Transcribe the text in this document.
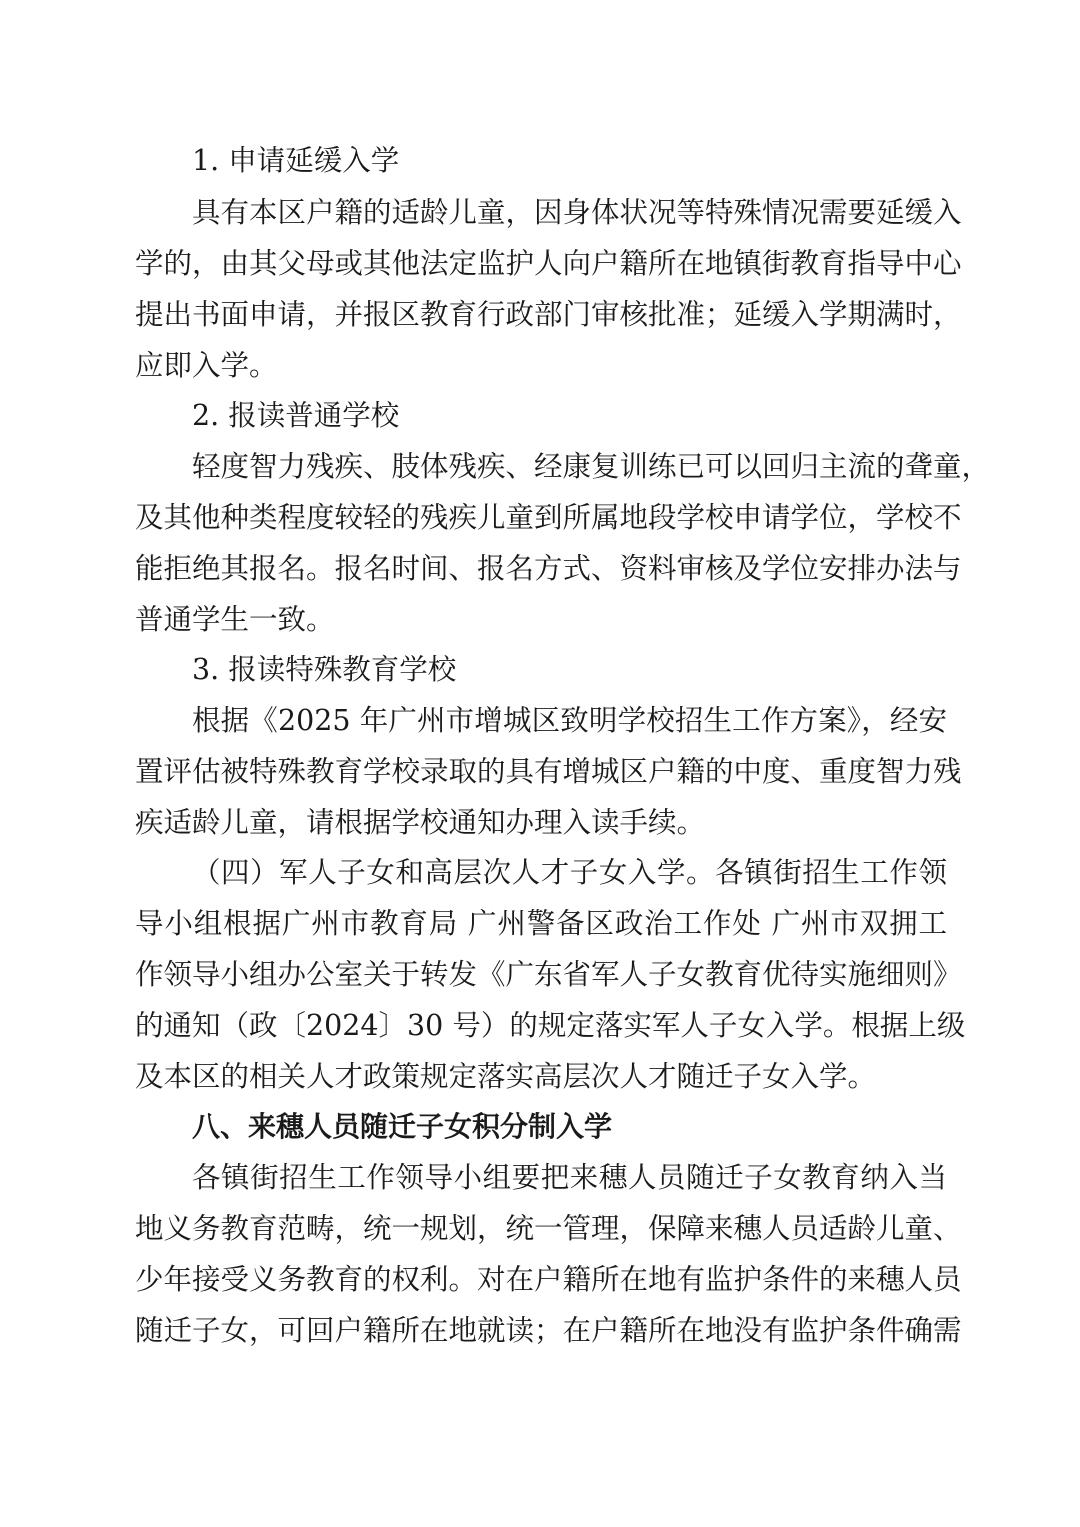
1. 申请延缓入学
具有本区户籍的适龄儿童，因身体状况等特殊情况需要延缓入
学的，由其父母或其他法定监护人向户籍所在地镇街教育指导中心
提出书面申请，并报区教育行政部门审核批准；延缓入学期满时，
应即入学。
2. 报读普通学校
轻度智力残疾、肢体残疾、经康复训练已可以回归主流的聋童，
及其他种类程度较轻的残疾儿童到所属地段学校申请学位，学校不
能拒绝其报名。报名时间、报名方式、资料审核及学位安排办法与
普通学生一致。
3. 报读特殊教育学校
根据《2025 年广州市增城区致明学校招生工作方案》，经安
置评估被特殊教育学校录取的具有增城区户籍的中度、重度智力残
疾适龄儿童，请根据学校通知办理入读手续。
（四）军人子女和高层次人才子女入学。各镇街招生工作领
导小组根据广州市教育局 广州警备区政治工作处 广州市双拥工
作领导小组办公室关于转发《广东省军人子女教育优待实施细则》
的通知（政〔2024〕30 号）的规定落实军人子女入学。根据上级
及本区的相关人才政策规定落实高层次人才随迁子女入学。
八、来穗人员随迁子女积分制入学
各镇街招生工作领导小组要把来穗人员随迁子女教育纳入当
地义务教育范畴，统一规划，统一管理，保障来穗人员适龄儿童、
少年接受义务教育的权利。对在户籍所在地有监护条件的来穗人员
随迁子女，可回户籍所在地就读；在户籍所在地没有监护条件确需
